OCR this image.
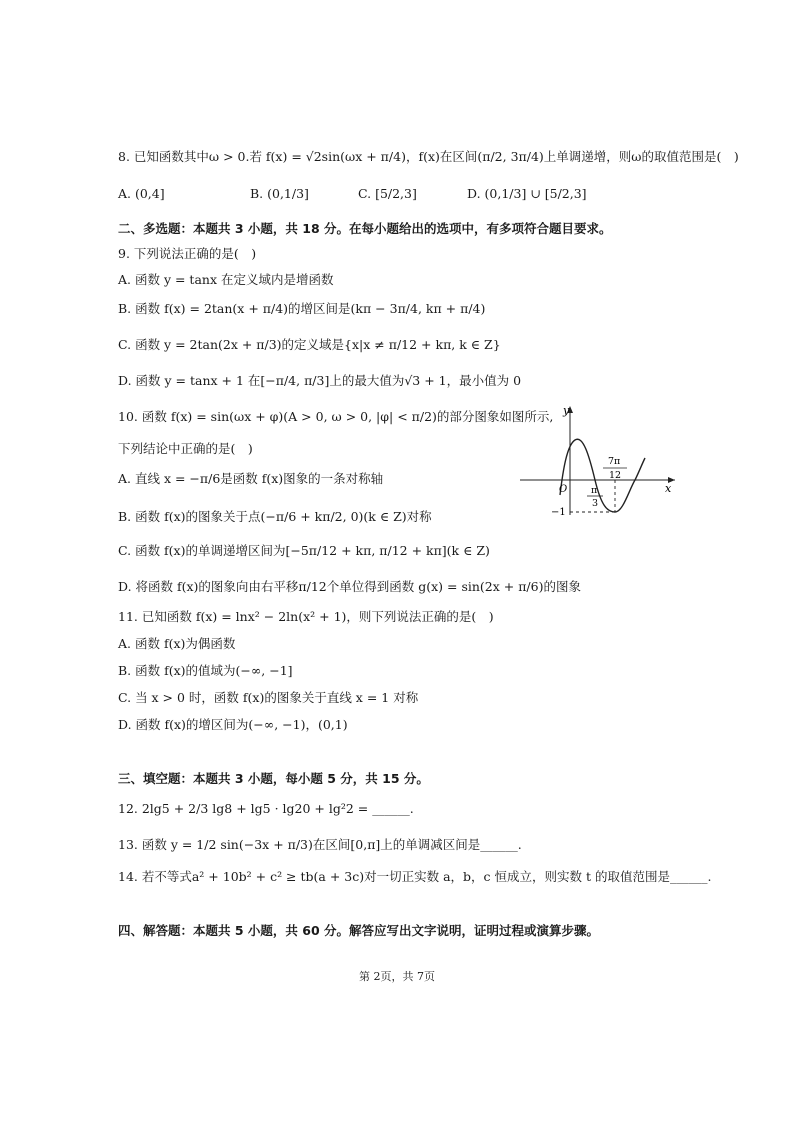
8. 已知函数其中ω > 0.若 f(x) = √2sin(ωx + π/4)，f(x)在区间(π/2, 3π/4)上单调递增，则ω的取值范围是(　)
A. (0,4]	B. (0,1/3]	C. [5/2,3]	D. (0,1/3] ∪ [5/2,3]
二、多选题：本题共 3 小题，共 18 分。在每小题给出的选项中，有多项符合题目要求。
9. 下列说法正确的是(　)
A. 函数 y = tanx 在定义域内是增函数
B. 函数 f(x) = 2tan(x + π/4)的增区间是(kπ − 3π/4, kπ + π/4)
C. 函数 y = 2tan(2x + π/3)的定义域是{x|x ≠ π/12 + kπ, k ∈ Z}
D. 函数 y = tanx + 1 在[−π/4, π/3]上的最大值为√3 + 1，最小值为 0
10. 函数 f(x) = sin(ωx + φ)(A > 0, ω > 0, |φ| < π/2)的部分图象如图所示,
下列结论中正确的是(　)
A. 直线 x = −π/6是函数 f(x)图象的一条对称轴
B. 函数 f(x)的图象关于点(−π/6 + kπ/2, 0)(k ∈ Z)对称
C. 函数 f(x)的单调递增区间为[−5π/12 + kπ, π/12 + kπ](k ∈ Z)
D. 将函数 f(x)的图象向由右平移π/12个单位得到函数 g(x) = sin(2x + π/6)的图象
y
x
O
7π
12
π
3
−1
11. 已知函数 f(x) = lnx² − 2ln(x² + 1)，则下列说法正确的是(　)
A. 函数 f(x)为偶函数
B. 函数 f(x)的值域为(−∞, −1]
C. 当 x > 0 时，函数 f(x)的图象关于直线 x = 1 对称
D. 函数 f(x)的增区间为(−∞, −1)，(0,1)
三、填空题：本题共 3 小题，每小题 5 分，共 15 分。
12. 2lg5 + 2/3 lg8 + lg5 · lg20 + lg²2 = ______.
13. 函数 y = 1/2 sin(−3x + π/3)在区间[0,π]上的单调减区间是______.
14. 若不等式a² + 10b² + c² ≥ tb(a + 3c)对一切正实数 a，b，c 恒成立，则实数 t 的取值范围是______.
四、解答题：本题共 5 小题，共 60 分。解答应写出文字说明，证明过程或演算步骤。
第 2页，共 7页
